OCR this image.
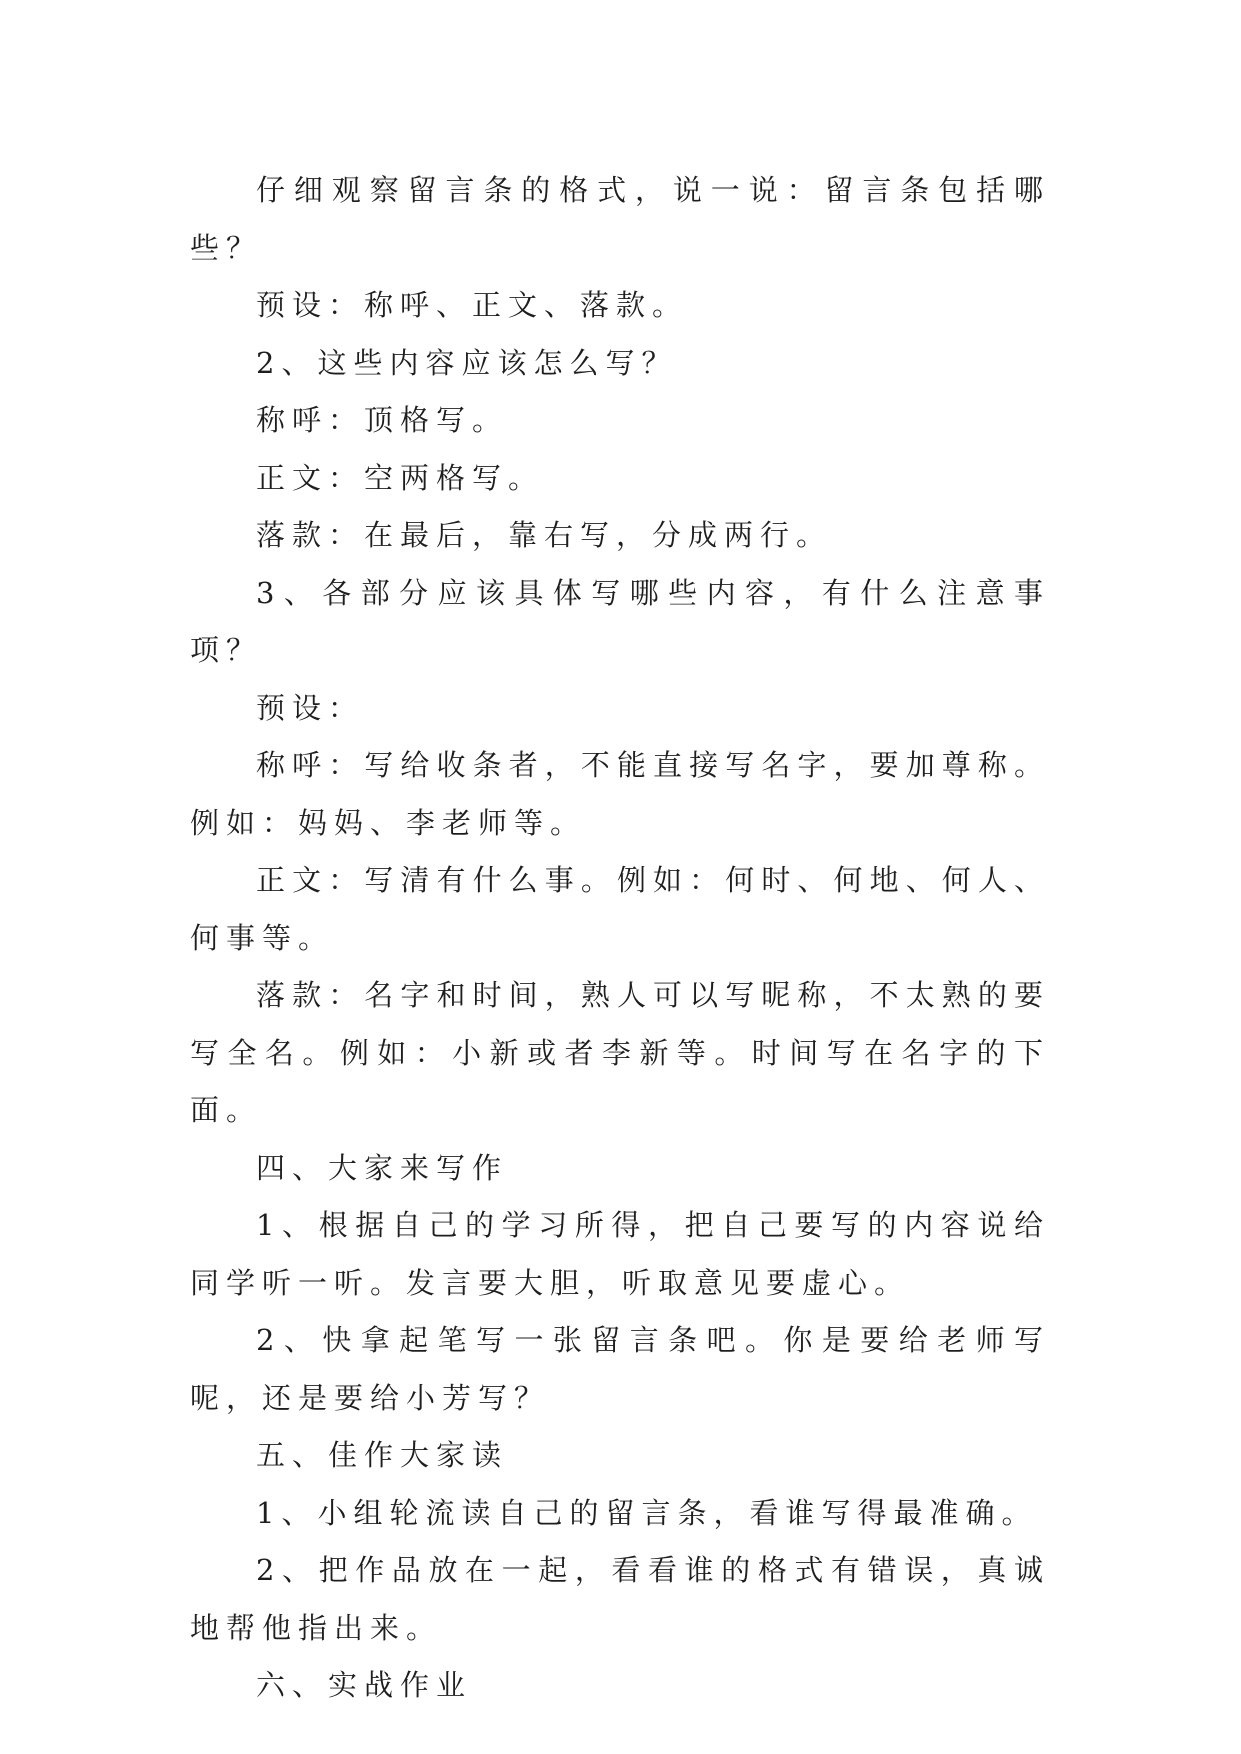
仔细观察留言条的格式，说一说：留言条包括哪些？

预设：称呼、正文、落款。

2、这些内容应该怎么写？

称呼：顶格写。

正文：空两格写。

落款：在最后，靠右写，分成两行。

3、各部分应该具体写哪些内容，有什么注意事项？

预设：

称呼：写给收条者，不能直接写名字，要加尊称。例如：妈妈、李老师等。

正文：写清有什么事。例如：何时、何地、何人、何事等。

落款：名字和时间，熟人可以写昵称，不太熟的要写全名。例如：小新或者李新等。时间写在名字的下面。

四、大家来写作

1、根据自己的学习所得，把自己要写的内容说给同学听一听。发言要大胆，听取意见要虚心。

2、快拿起笔写一张留言条吧。你是要给老师写呢，还是要给小芳写？

五、佳作大家读

1、小组轮流读自己的留言条，看谁写得最准确。

2、把作品放在一起，看看谁的格式有错误，真诚地帮他指出来。

六、实战作业
